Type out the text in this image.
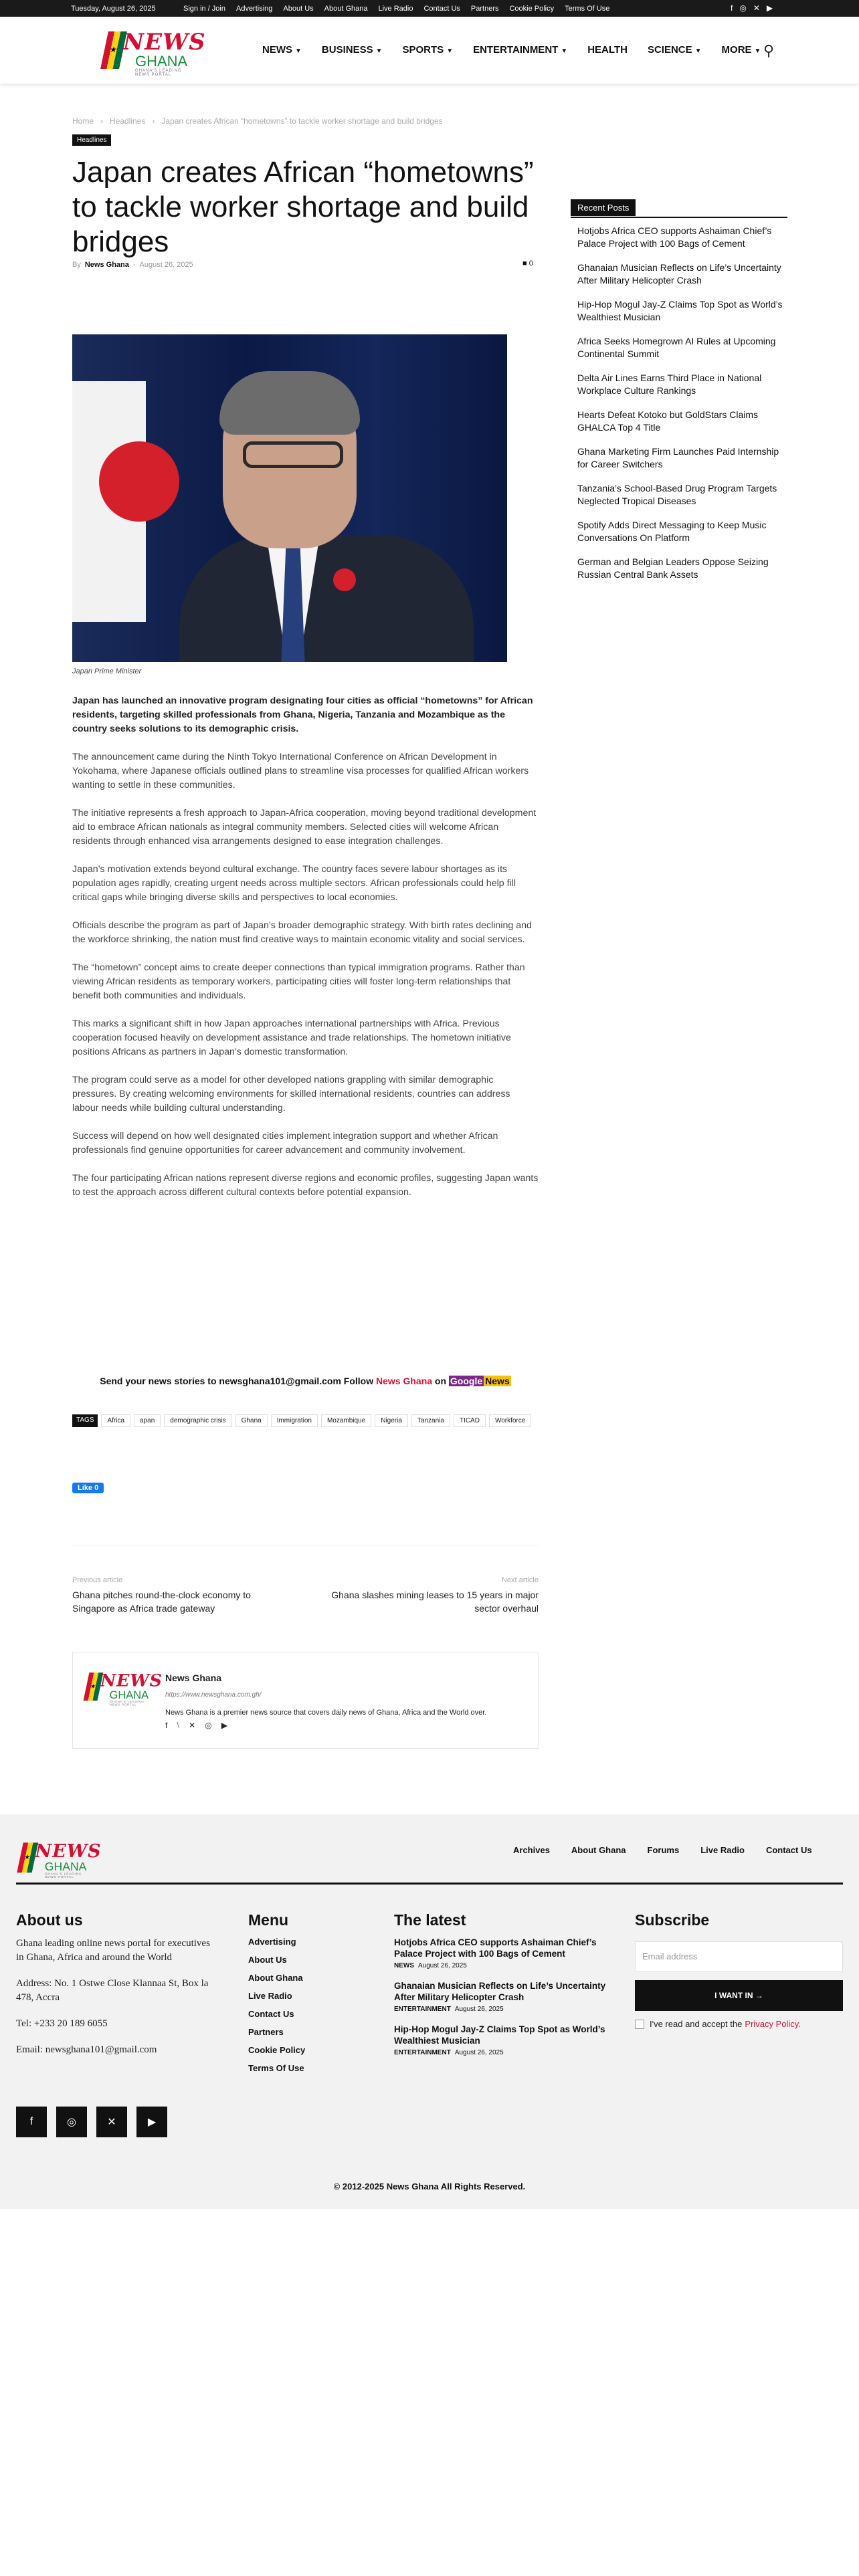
Tuesday, August 26, 2025	Sign in / Join Advertising About Us About Ghana Live Radio Contact Us Partners Cookie Policy Terms Of Use	f ◎ ✕ ▶
★
NEWS
GHANA
GHANA'S LEADING NEWS PORTAL
NEWS ▼ BUSINESS ▼ SPORTS ▼ ENTERTAINMENT ▼ HEALTH SCIENCE ▼ MORE ▼ ⚲
Home › Headlines › Japan creates African “hometowns” to tackle worker shortage and build bridges
Headlines
Japan creates African “hometowns” to tackle worker shortage and build bridges
By News Ghana - August 26, 2025	■ 0
Japan Prime Minister

Japan has launched an innovative program designating four cities as official “hometowns” for African residents, targeting skilled professionals from Ghana, Nigeria, Tanzania and Mozambique as the country seeks solutions to its demographic crisis.

The announcement came during the Ninth Tokyo International Conference on African Development in Yokohama, where Japanese officials outlined plans to streamline visa processes for qualified African workers wanting to settle in these communities.

The initiative represents a fresh approach to Japan-Africa cooperation, moving beyond traditional development aid to embrace African nationals as integral community members. Selected cities will welcome African residents through enhanced visa arrangements designed to ease integration challenges.

Japan’s motivation extends beyond cultural exchange. The country faces severe labour shortages as its population ages rapidly, creating urgent needs across multiple sectors. African professionals could help fill critical gaps while bringing diverse skills and perspectives to local economies.

Officials describe the program as part of Japan’s broader demographic strategy. With birth rates declining and the workforce shrinking, the nation must find creative ways to maintain economic vitality and social services.

The “hometown” concept aims to create deeper connections than typical immigration programs. Rather than viewing African residents as temporary workers, participating cities will foster long-term relationships that benefit both communities and individuals.

This marks a significant shift in how Japan approaches international partnerships with Africa. Previous cooperation focused heavily on development assistance and trade relationships. The hometown initiative positions Africans as partners in Japan’s domestic transformation.

The program could serve as a model for other developed nations grappling with similar demographic pressures. By creating welcoming environments for skilled international residents, countries can address labour needs while building cultural understanding.

Success will depend on how well designated cities implement integration support and whether African professionals find genuine opportunities for career advancement and community involvement.

The four participating African nations represent diverse regions and economic profiles, suggesting Japan wants to test the approach across different cultural contexts before potential expansion.

Send your news stories to newsghana101@gmail.com Follow News Ghana on Google News
TAGS	Africa	apan	demographic crisis	Ghana	Immigration	Mozambique	Nigeria	Tanzania	TICAD	Workforce
Like 0
Previous article
Ghana pitches round-the-clock economy to Singapore as Africa trade gateway
Next article
Ghana slashes mining leases to 15 years in major sector overhaul
★
NEWS
GHANA
GHANA'S LEADING NEWS PORTAL
News Ghana
https://www.newsghana.com.gh/
News Ghana is a premier news source that covers daily news of Ghana, Africa and the World over.
f ⧵ ✕ ◎ ▶
Recent Posts
Hotjobs Africa CEO supports Ashaiman Chief’s Palace Project with 100 Bags of Cement
Ghanaian Musician Reflects on Life’s Uncertainty After Military Helicopter Crash
Hip-Hop Mogul Jay-Z Claims Top Spot as World’s Wealthiest Musician
Africa Seeks Homegrown AI Rules at Upcoming Continental Summit
Delta Air Lines Earns Third Place in National Workplace Culture Rankings
Hearts Defeat Kotoko but GoldStars Claims GHALCA Top 4 Title
Ghana Marketing Firm Launches Paid Internship for Career Switchers
Tanzania’s School-Based Drug Program Targets Neglected Tropical Diseases
Spotify Adds Direct Messaging to Keep Music Conversations On Platform
German and Belgian Leaders Oppose Seizing Russian Central Bank Assets
★
NEWS
GHANA
GHANA'S LEADING NEWS PORTAL
Archives About Ghana Forums Live Radio Contact Us
About us

Ghana leading online news portal for executives in Ghana, Africa and around the World

Address: No. 1 Ostwe Close Klannaa St, Box la 478, Accra

Tel: +233 20 189 6055

Email: newsghana101@gmail.com

f	◎	✕	▶
Menu
Advertising
About Us
About Ghana
Live Radio
Contact Us
Partners
Cookie Policy
Terms Of Use
The latest
Hotjobs Africa CEO supports Ashaiman Chief’s Palace Project with 100 Bags of Cement
NEWS August 26, 2025
Ghanaian Musician Reflects on Life’s Uncertainty After Military Helicopter Crash
ENTERTAINMENT August 26, 2025
Hip-Hop Mogul Jay-Z Claims Top Spot as World’s Wealthiest Musician
ENTERTAINMENT August 26, 2025
Subscribe
Email address
I WANT IN →
I've read and accept the Privacy Policy.
© 2012-2025 News Ghana All Rights Reserved.
